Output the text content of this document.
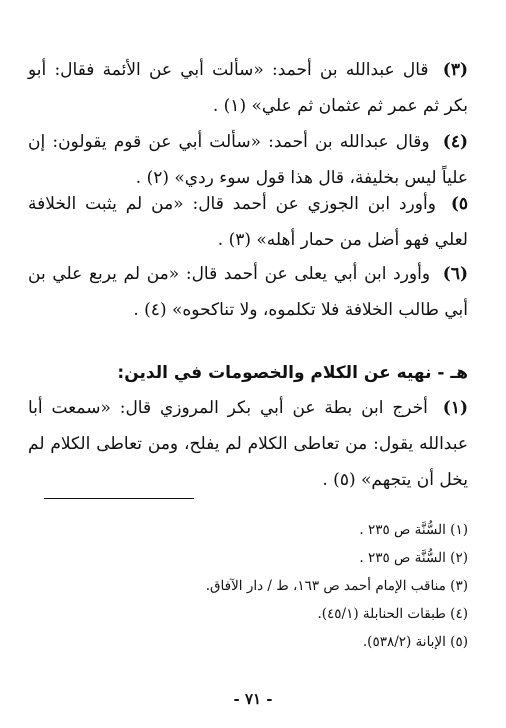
(٣) قال عبدالله بن أحمد: «سألت أبي عن الأئمة فقال: أبو بكر ثم عمر ثم عثمان ثم علي» (١) .

(٤) وقال عبدالله بن أحمد: «سألت أبي عن قوم يقولون: إن علياً ليس بخليفة، قال هذا قول سوء ردي» (٢) .

٥) وأورد ابن الجوزي عن أحمد قال: «من لم يثبت الخلافة لعلي فهو أضل من حمار أهله» (٣) .

(٦) وأورد ابن أبي يعلى عن أحمد قال: «من لم يربع علي بن أبي طالب الخلافة فلا تكلموه، ولا تناكحوه» (٤) .

هـ - نهيه عن الكلام والخصومات في الدين:

(١) أخرج ابن بطة عن أبي بكر المروزي قال: «سمعت أبا عبدالله يقول: من تعاطى الكلام لم يفلح، ومن تعاطى الكلام لم يخل أن يتجهم» (٥) .

(١) السُّنَّة ص ٢٣٥ .
(٢) السُّنَّة ص ٢٣٥ .
(٣) مناقب الإمام أحمد ص ١٦٣، ط / دار الآفاق.
(٤) طبقات الحنابلة (٤٥/١).
(٥) الإبانة (٥٣٨/٢).
- ٧١ -
